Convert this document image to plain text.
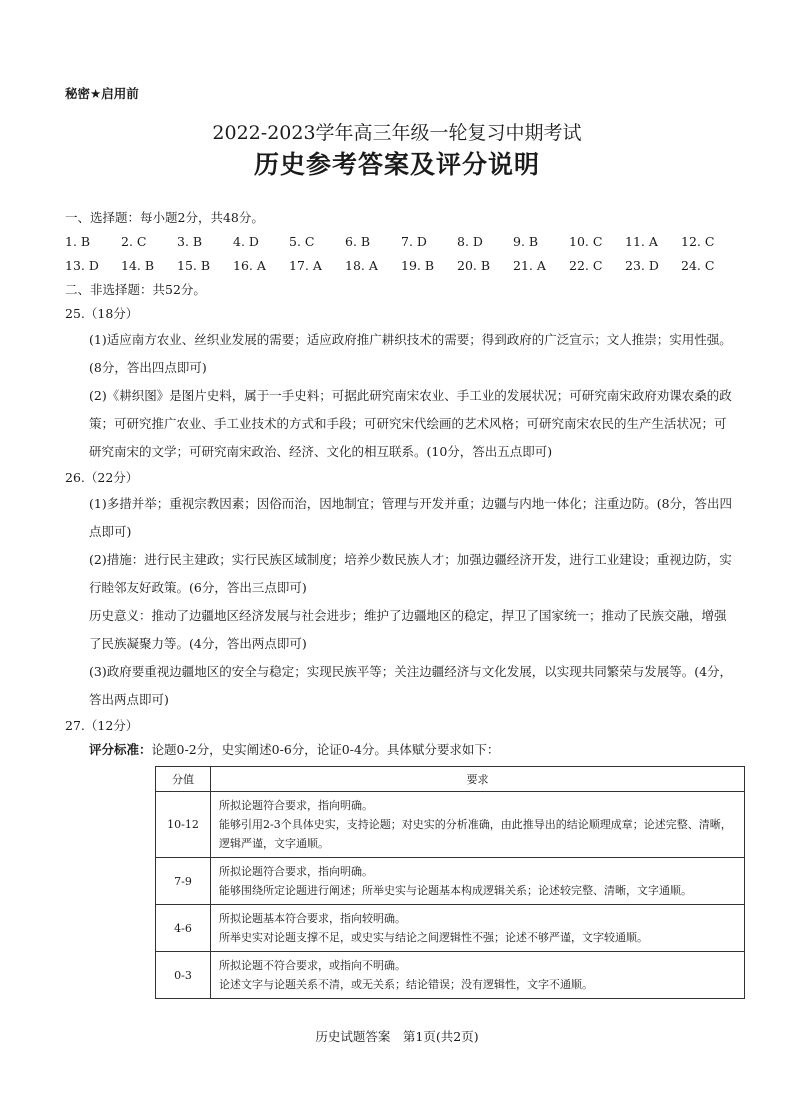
秘密★启用前
2022-2023学年高三年级一轮复习中期考试
历史参考答案及评分说明
一、选择题：每小题2分，共48分。
1. B	2. C	3. B	4. D	5. C	6. B	7. D	8. D	9. B	10. C	11. A	12. C
13. D	14. B	15. B	16. A	17. A	18. A	19. B	20. B	21. A	22. C	23. D	24. C
二、非选择题：共52分。
25.（18分）

(1)适应南方农业、丝织业发展的需要；适应政府推广耕织技术的需要；得到政府的广泛宣示；文人推崇；实用性强。(8分，答出四点即可)

(2)《耕织图》是图片史料，属于一手史料；可据此研究南宋农业、手工业的发展状况；可研究南宋政府劝课农桑的政策；可研究推广农业、手工业技术的方式和手段；可研究宋代绘画的艺术风格；可研究南宋农民的生产生活状况；可研究南宋的文学；可研究南宋政治、经济、文化的相互联系。(10分，答出五点即可)

26.（22分）

(1)多措并举；重视宗教因素；因俗而治，因地制宜；管理与开发并重；边疆与内地一体化；注重边防。(8分，答出四点即可)

(2)措施：进行民主建政；实行民族区域制度；培养少数民族人才；加强边疆经济开发，进行工业建设；重视边防，实行睦邻友好政策。(6分，答出三点即可)

历史意义：推动了边疆地区经济发展与社会进步；维护了边疆地区的稳定，捍卫了国家统一；推动了民族交融，增强了民族凝聚力等。(4分，答出两点即可)

(3)政府要重视边疆地区的安全与稳定；实现民族平等；关注边疆经济与文化发展，以实现共同繁荣与发展等。(4分，答出两点即可)

27.（12分）
评分标准：论题0-2分，史实阐述0-6分，论证0-4分。具体赋分要求如下：
分值	要求
10-12	所拟论题符合要求，指向明确。
能够引用2-3个具体史实，支持论题；对史实的分析准确，由此推导出的结论顺理成章；论述完整、清晰，逻辑严谨，文字通顺。

7-9	所拟论题符合要求，指向明确。
能够围绕所定论题进行阐述；所举史实与论题基本构成逻辑关系；论述较完整、清晰，文字通顺。

4-6	所拟论题基本符合要求，指向较明确。
所举史实对论题支撑不足，或史实与结论之间逻辑性不强；论述不够严谨，文字较通顺。

0-3	所拟论题不符合要求，或指向不明确。
论述文字与论题关系不清，或无关系；结论错误；没有逻辑性，文字不通顺。
历史试题答案　第1页(共2页)
